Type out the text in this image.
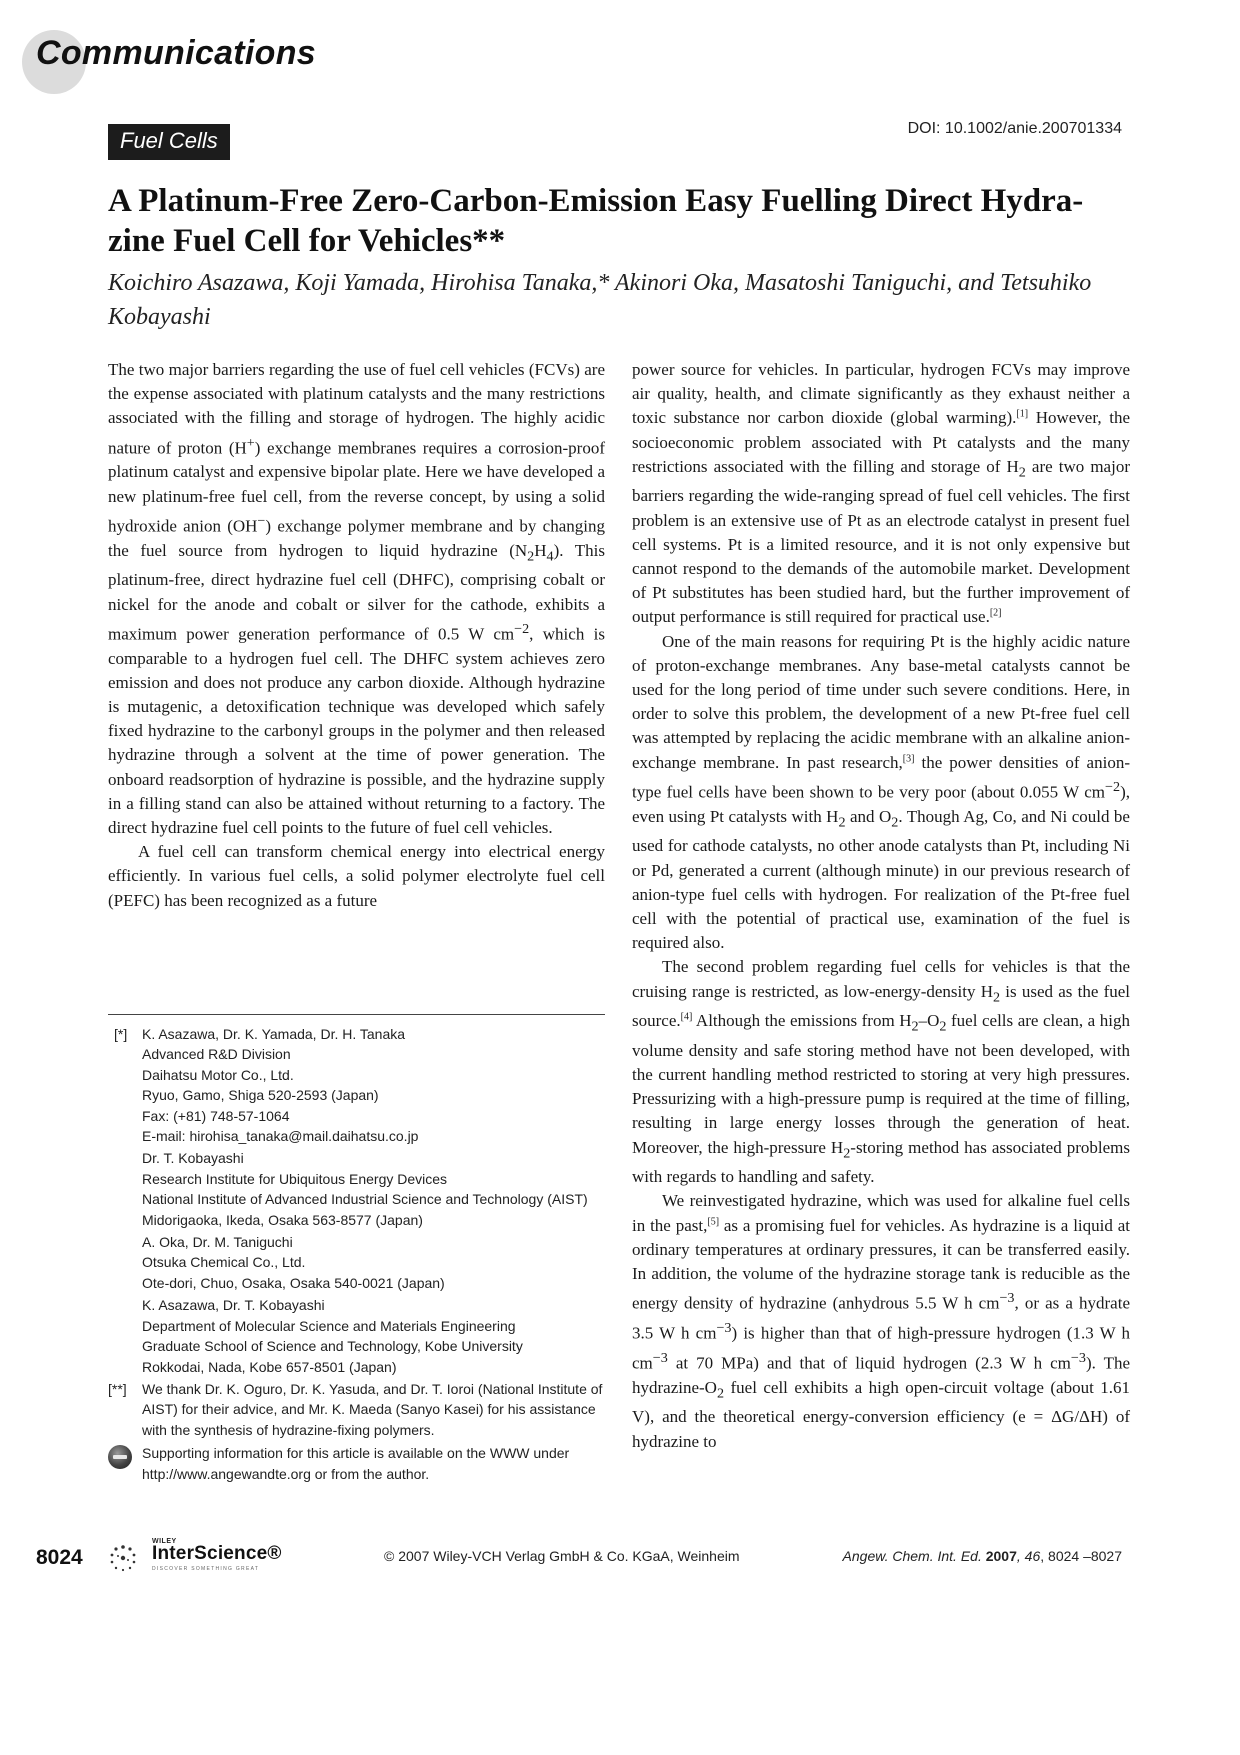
Communications
Fuel Cells	DOI: 10.1002/anie.200701334
A Platinum-Free Zero-Carbon-Emission Easy Fuelling Direct Hydra-zine Fuel Cell for Vehicles**
Koichiro Asazawa, Koji Yamada, Hirohisa Tanaka,* Akinori Oka, Masatoshi Taniguchi, and Tetsuhiko Kobayashi

The two major barriers regarding the use of fuel cell vehicles (FCVs) are the expense associated with platinum catalysts and the many restrictions associated with the filling and storage of hydrogen. The highly acidic nature of proton (H+) exchange membranes requires a corrosion-proof platinum catalyst and expensive bipolar plate. Here we have developed a new platinum-free fuel cell, from the reverse concept, by using a solid hydroxide anion (OH−) exchange polymer membrane and by changing the fuel source from hydrogen to liquid hydrazine $(N_2H_4)$. This platinum-free, direct hydrazine fuel cell (DHFC), comprising cobalt or nickel for the anode and cobalt or silver for the cathode, exhibits a maximum power generation performance of 0.5 W $cm^{-2}$, which is comparable to a hydrogen fuel cell. The DHFC system achieves zero emission and does not produce any carbon dioxide. Although hydrazine is mutagenic, a detoxification technique was developed which safely fixed hydrazine to the carbonyl groups in the polymer and then released hydrazine through a solvent at the time of power generation. The onboard readsorption of hydrazine is possible, and the hydrazine supply in a filling stand can also be attained without returning to a factory. The direct hydrazine fuel cell points to the future of fuel cell vehicles.

A fuel cell can transform chemical energy into electrical energy efficiently. In various fuel cells, a solid polymer electrolyte fuel cell (PEFC) has been recognized as a future

power source for vehicles. In particular, hydrogen FCVs may improve air quality, health, and climate significantly as they exhaust neither a toxic substance nor carbon dioxide (global warming).[1] However, the socioeconomic problem associated with Pt catalysts and the many restrictions associated with the filling and storage of $H_2$ are two major barriers regarding the wide-ranging spread of fuel cell vehicles. The first problem is an extensive use of Pt as an electrode catalyst in present fuel cell systems. Pt is a limited resource, and it is not only expensive but cannot respond to the demands of the automobile market. Development of Pt substitutes has been studied hard, but the further improvement of output performance is still required for practical use.[2]

One of the main reasons for requiring Pt is the highly acidic nature of proton-exchange membranes. Any base-metal catalysts cannot be used for the long period of time under such severe conditions. Here, in order to solve this problem, the development of a new Pt-free fuel cell was attempted by replacing the acidic membrane with an alkaline anion-exchange membrane. In past research,[3] the power densities of anion-type fuel cells have been shown to be very poor (about 0.055 W $cm^{-2}$), even using Pt catalysts with $H_2$ and $O_2$. Though Ag, Co, and Ni could be used for cathode catalysts, no other anode catalysts than Pt, including Ni or Pd, generated a current (although minute) in our previous research of anion-type fuel cells with hydrogen. For realization of the Pt-free fuel cell with the potential of practical use, examination of the fuel is required also.

The second problem regarding fuel cells for vehicles is that the cruising range is restricted, as low-energy-density $H_2$ is used as the fuel source.[4] Although the emissions from $H_2-O_2$ fuel cells are clean, a high volume density and safe storing method have not been developed, with the current handling method restricted to storing at very high pressures. Pressurizing with a high-pressure pump is required at the time of filling, resulting in large energy losses through the generation of heat. Moreover, the high-pressure $H_2$-storing method has associated problems with regards to handling and safety.

We reinvestigated hydrazine, which was used for alkaline fuel cells in the past,[5] as a promising fuel for vehicles. As hydrazine is a liquid at ordinary temperatures at ordinary pressures, it can be transferred easily. In addition, the volume of the hydrazine storage tank is reducible as the energy density of hydrazine (anhydrous 5.5 W h $cm^{-3}$, or as a hydrate 3.5 W h $cm^{-3}$) is higher than that of high-pressure hydrogen (1.3 W h $cm^{-3}$ at 70 MPa) and that of liquid hydrogen (2.3 W h $cm^{-3}$). The hydrazine-$O_2$ fuel cell exhibits a high open-circuit voltage (about 1.61 V), and the theoretical energy-conversion efficiency (e = ΔG/ΔH) of hydrazine to

[*] K. Asazawa, Dr. K. Yamada, Dr. H. Tanaka
Advanced R&D Division
Daihatsu Motor Co., Ltd.
Ryuo, Gamo, Shiga 520-2593 (Japan)
Fax: (+81) 748-57-1064
E-mail: hirohisa_tanaka@mail.daihatsu.co.jp
Dr. T. Kobayashi
Research Institute for Ubiquitous Energy Devices
National Institute of Advanced Industrial Science and Technology (AIST)
Midorigaoka, Ikeda, Osaka 563-8577 (Japan)
A. Oka, Dr. M. Taniguchi
Otsuka Chemical Co., Ltd.
Ote-dori, Chuo, Osaka, Osaka 540-0021 (Japan)
K. Asazawa, Dr. T. Kobayashi
Department of Molecular Science and Materials Engineering
Graduate School of Science and Technology, Kobe University
Rokkodai, Nada, Kobe 657-8501 (Japan)
[**] We thank Dr. K. Oguro, Dr. K. Yasuda, and Dr. T. Ioroi (National Institute of AIST) for their advice, and Mr. K. Maeda (Sanyo Kasei) for his assistance with the synthesis of hydrazine-fixing polymers.
Supporting information for this article is available on the WWW under http://www.angewandte.org or from the author.
8024
WILEY
InterScience®
DISCOVER SOMETHING GREAT
© 2007 Wiley-VCH Verlag GmbH & Co. KGaA, Weinheim	Angew. Chem. Int. Ed. 2007, 46, 8024 –8027
